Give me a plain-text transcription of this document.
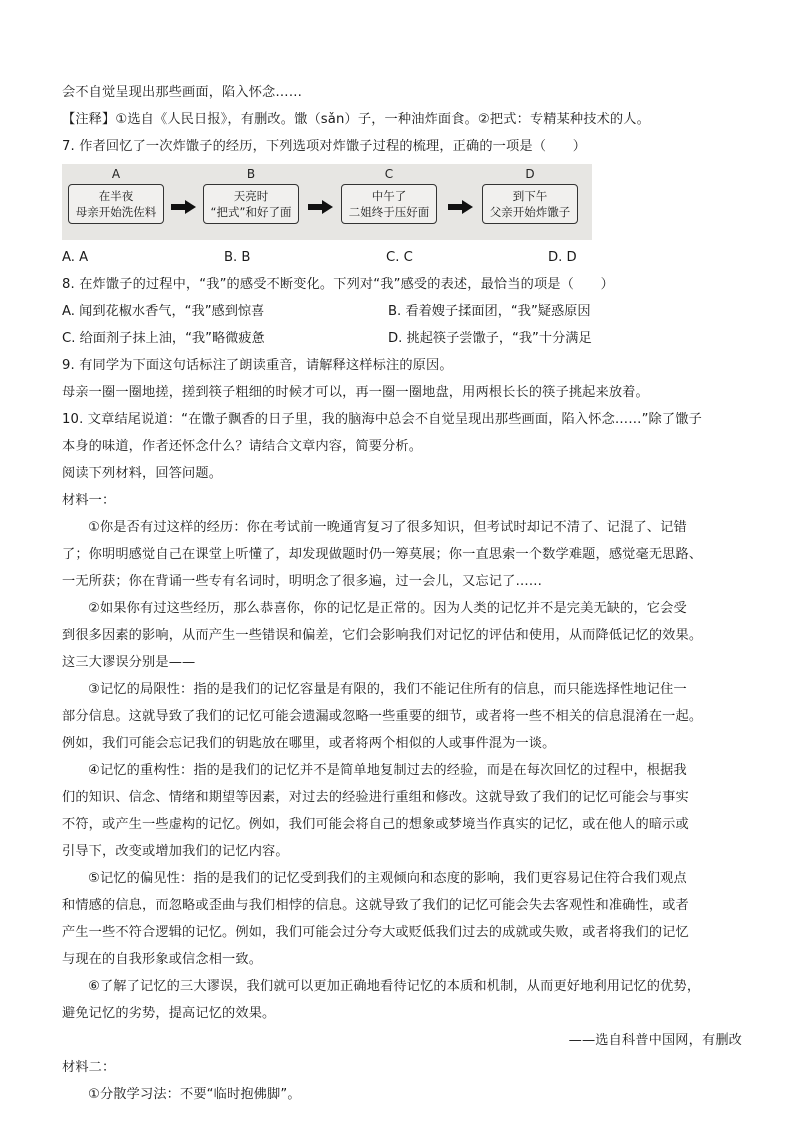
会不自觉呈现出那些画面，陷入怀念……
【注释】①选自《人民日报》，有删改。馓（sǎn）子，一种油炸面食。②把式：专精某种技术的人。
7. 作者回忆了一次炸馓子的经历，下列选项对炸馓子过程的梳理，正确的一项是（　　）
A
在半夜
母亲开始洗佐料
B
天亮时
“把式”和好了面
C
中午了
二姐终于压好面
D
到下午
父亲开始炸馓子
A. A	B. B	C. C	D. D
8. 在炸馓子的过程中，“我”的感受不断变化。下列对“我”感受的表述，最恰当的项是（　　）
A. 闻到花椒水香气，“我”感到惊喜	B. 看着嫂子揉面团，“我”疑惑原因
C. 给面剂子抹上油，“我”略微疲惫	D. 挑起筷子尝馓子，“我”十分满足
9. 有同学为下面这句话标注了朗读重音，请解释这样标注的原因。
母亲一圈一圈地搓，搓到筷子粗细的时候才可以，再一圈一圈地盘，用两根长长的筷子挑起来放着。
10. 文章结尾说道：“在馓子飘香的日子里，我的脑海中总会不自觉呈现出那些画面，陷入怀念……”除了馓子
本身的味道，作者还怀念什么？请结合文章内容，简要分析。
阅读下列材料，回答问题。
材料一：
①你是否有过这样的经历：你在考试前一晚通宵复习了很多知识，但考试时却记不清了、记混了、记错
了；你明明感觉自己在课堂上听懂了，却发现做题时仍一筹莫展；你一直思索一个数学难题，感觉毫无思路、
一无所获；你在背诵一些专有名词时，明明念了很多遍，过一会儿，又忘记了……
②如果你有过这些经历，那么恭喜你，你的记忆是正常的。因为人类的记忆并不是完美无缺的，它会受
到很多因素的影响，从而产生一些错误和偏差，它们会影响我们对记忆的评估和使用，从而降低记忆的效果。
这三大谬误分别是——
③记忆的局限性：指的是我们的记忆容量是有限的，我们不能记住所有的信息，而只能选择性地记住一
部分信息。这就导致了我们的记忆可能会遗漏或忽略一些重要的细节，或者将一些不相关的信息混淆在一起。
例如，我们可能会忘记我们的钥匙放在哪里，或者将两个相似的人或事件混为一谈。
④记忆的重构性：指的是我们的记忆并不是简单地复制过去的经验，而是在每次回忆的过程中，根据我
们的知识、信念、情绪和期望等因素，对过去的经验进行重组和修改。这就导致了我们的记忆可能会与事实
不符，或产生一些虚构的记忆。例如，我们可能会将自己的想象或梦境当作真实的记忆，或在他人的暗示或
引导下，改变或增加我们的记忆内容。
⑤记忆的偏见性：指的是我们的记忆受到我们的主观倾向和态度的影响，我们更容易记住符合我们观点
和情感的信息，而忽略或歪曲与我们相悖的信息。这就导致了我们的记忆可能会失去客观性和准确性，或者
产生一些不符合逻辑的记忆。例如，我们可能会过分夸大或贬低我们过去的成就或失败，或者将我们的记忆
与现在的自我形象或信念相一致。
⑥了解了记忆的三大谬误，我们就可以更加正确地看待记忆的本质和机制，从而更好地利用记忆的优势，
避免记忆的劣势，提高记忆的效果。
——选自科普中国网，有删改
材料二：
①分散学习法：不要“临时抱佛脚”。
